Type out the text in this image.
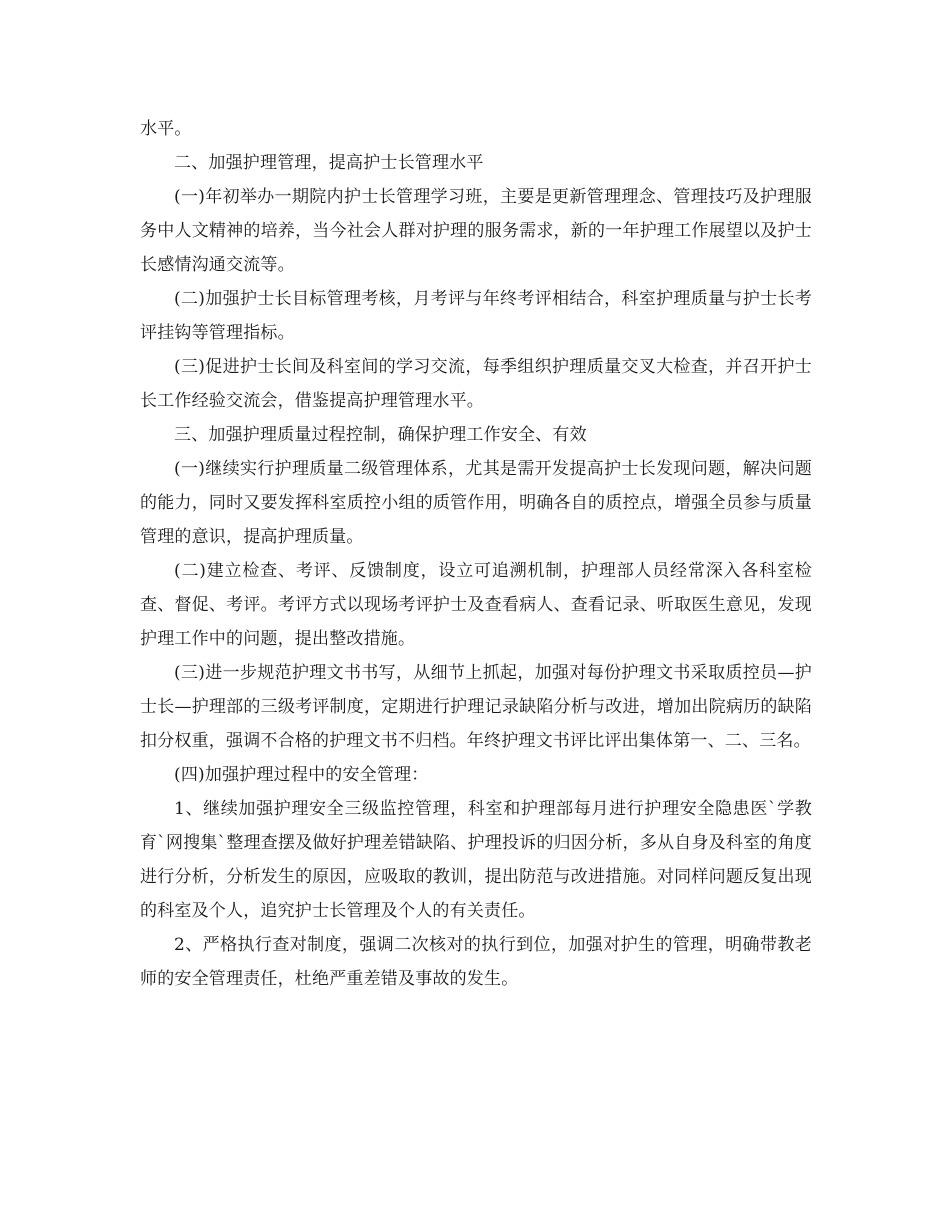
水平。

二、加强护理管理，提高护士长管理水平

(一)年初举办一期院内护士长管理学习班，主要是更新管理理念、管理技巧及护理服务中人文精神的培养，当今社会人群对护理的服务需求，新的一年护理工作展望以及护士长感情沟通交流等。

(二)加强护士长目标管理考核，月考评与年终考评相结合，科室护理质量与护士长考评挂钩等管理指标。

(三)促进护士长间及科室间的学习交流，每季组织护理质量交叉大检查，并召开护士长工作经验交流会，借鉴提高护理管理水平。

三、加强护理质量过程控制，确保护理工作安全、有效

(一)继续实行护理质量二级管理体系，尤其是需开发提高护士长发现问题，解决问题的能力，同时又要发挥科室质控小组的质管作用，明确各自的质控点，增强全员参与质量管理的意识，提高护理质量。

(二)建立检查、考评、反馈制度，设立可追溯机制，护理部人员经常深入各科室检查、督促、考评。考评方式以现场考评护士及查看病人、查看记录、听取医生意见，发现护理工作中的问题，提出整改措施。

(三)进一步规范护理文书书写，从细节上抓起，加强对每份护理文书采取质控员—护士长—护理部的三级考评制度，定期进行护理记录缺陷分析与改进，增加出院病历的缺陷扣分权重，强调不合格的护理文书不归档。年终护理文书评比评出集体第一、二、三名。

(四)加强护理过程中的安全管理：

1、继续加强护理安全三级监控管理，科室和护理部每月进行护理安全隐患医`学教育`网搜集`整理查摆及做好护理差错缺陷、护理投诉的归因分析，多从自身及科室的角度进行分析，分析发生的原因，应吸取的教训，提出防范与改进措施。对同样问题反复出现的科室及个人，追究护士长管理及个人的有关责任。

2、严格执行查对制度，强调二次核对的执行到位，加强对护生的管理，明确带教老师的安全管理责任，杜绝严重差错及事故的发生。
